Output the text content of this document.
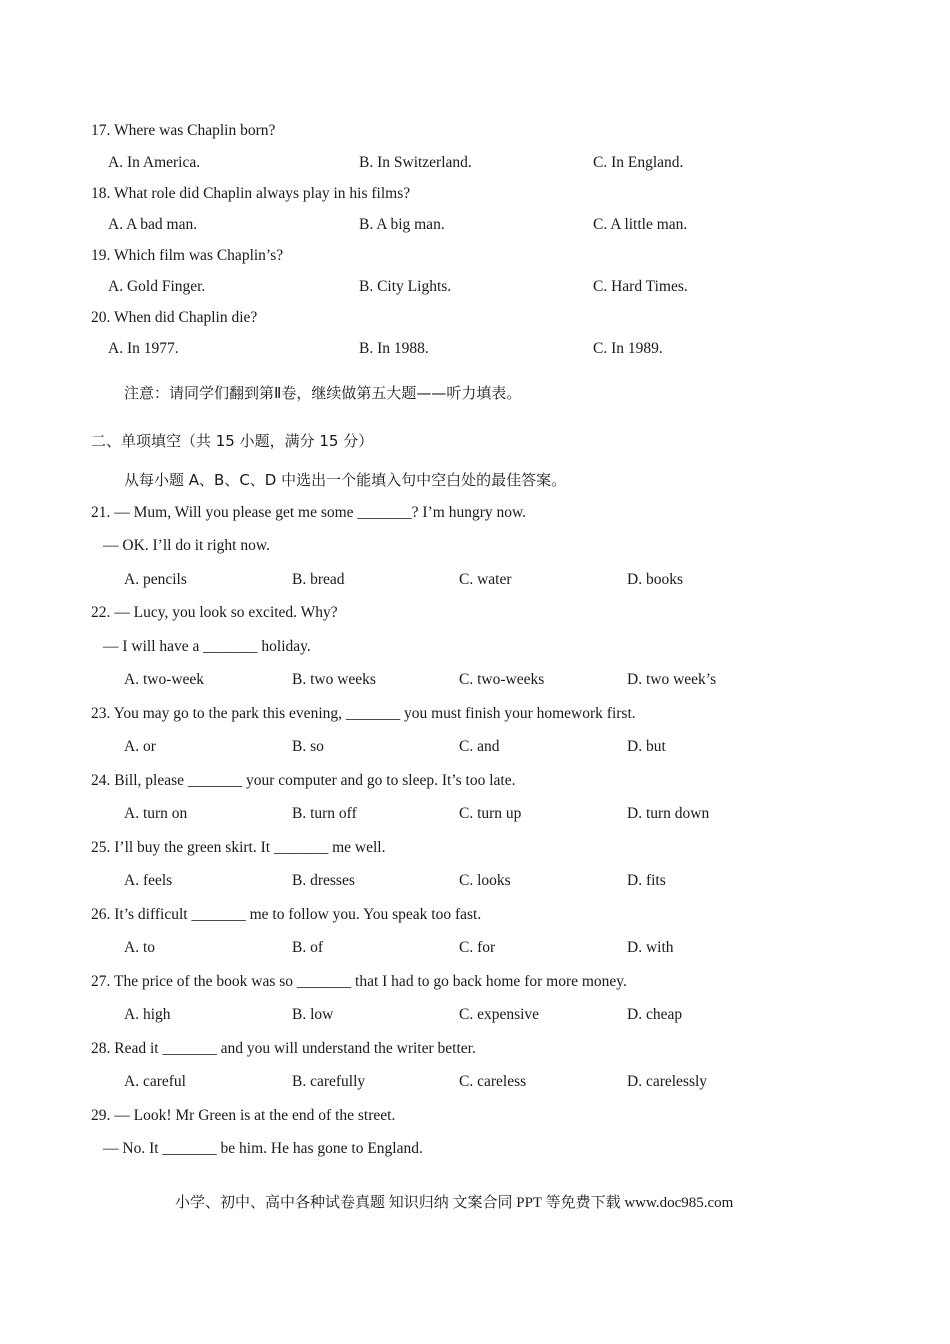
17. Where was Chaplin born?
A. In America.	B. In Switzerland.	C. In England.
18. What role did Chaplin always play in his films?
A. A bad man.	B. A big man.	C. A little man.
19. Which film was Chaplin’s?
A. Gold Finger.	B. City Lights.	C. Hard Times.
20. When did Chaplin die?
A. In 1977.	B. In 1988.	C. In 1989.
注意：请同学们翻到第Ⅱ卷，继续做第五大题——听力填表。
二、单项填空（共 15 小题，满分 15 分）
从每小题 A、B、C、D 中选出一个能填入句中空白处的最佳答案。
21. — Mum, Will you please get me some _______? I’m hungry now.
— OK. I’ll do it right now.
A. pencils	B. bread	C. water	D. books
22. — Lucy, you look so excited. Why?
— I will have a _______ holiday.
A. two-week	B. two weeks	C. two-weeks	D. two week’s
23. You may go to the park this evening, _______ you must finish your homework first.
A. or	B. so	C. and	D. but
24. Bill, please _______ your computer and go to sleep. It’s too late.
A. turn on	B. turn off	C. turn up	D. turn down
25. I’ll buy the green skirt. It _______ me well.
A. feels	B. dresses	C. looks	D. fits
26. It’s difficult _______ me to follow you. You speak too fast.
A. to	B. of	C. for	D. with
27. The price of the book was so _______ that I had to go back home for more money.
A. high	B. low	C. expensive	D. cheap
28. Read it _______ and you will understand the writer better.
A. careful	B. carefully	C. careless	D. carelessly
29. — Look! Mr Green is at the end of the street.
— No. It _______ be him. He has gone to England.
小学、初中、高中各种试卷真题 知识归纳 文案合同 PPT 等免费下载 www.doc985.com
